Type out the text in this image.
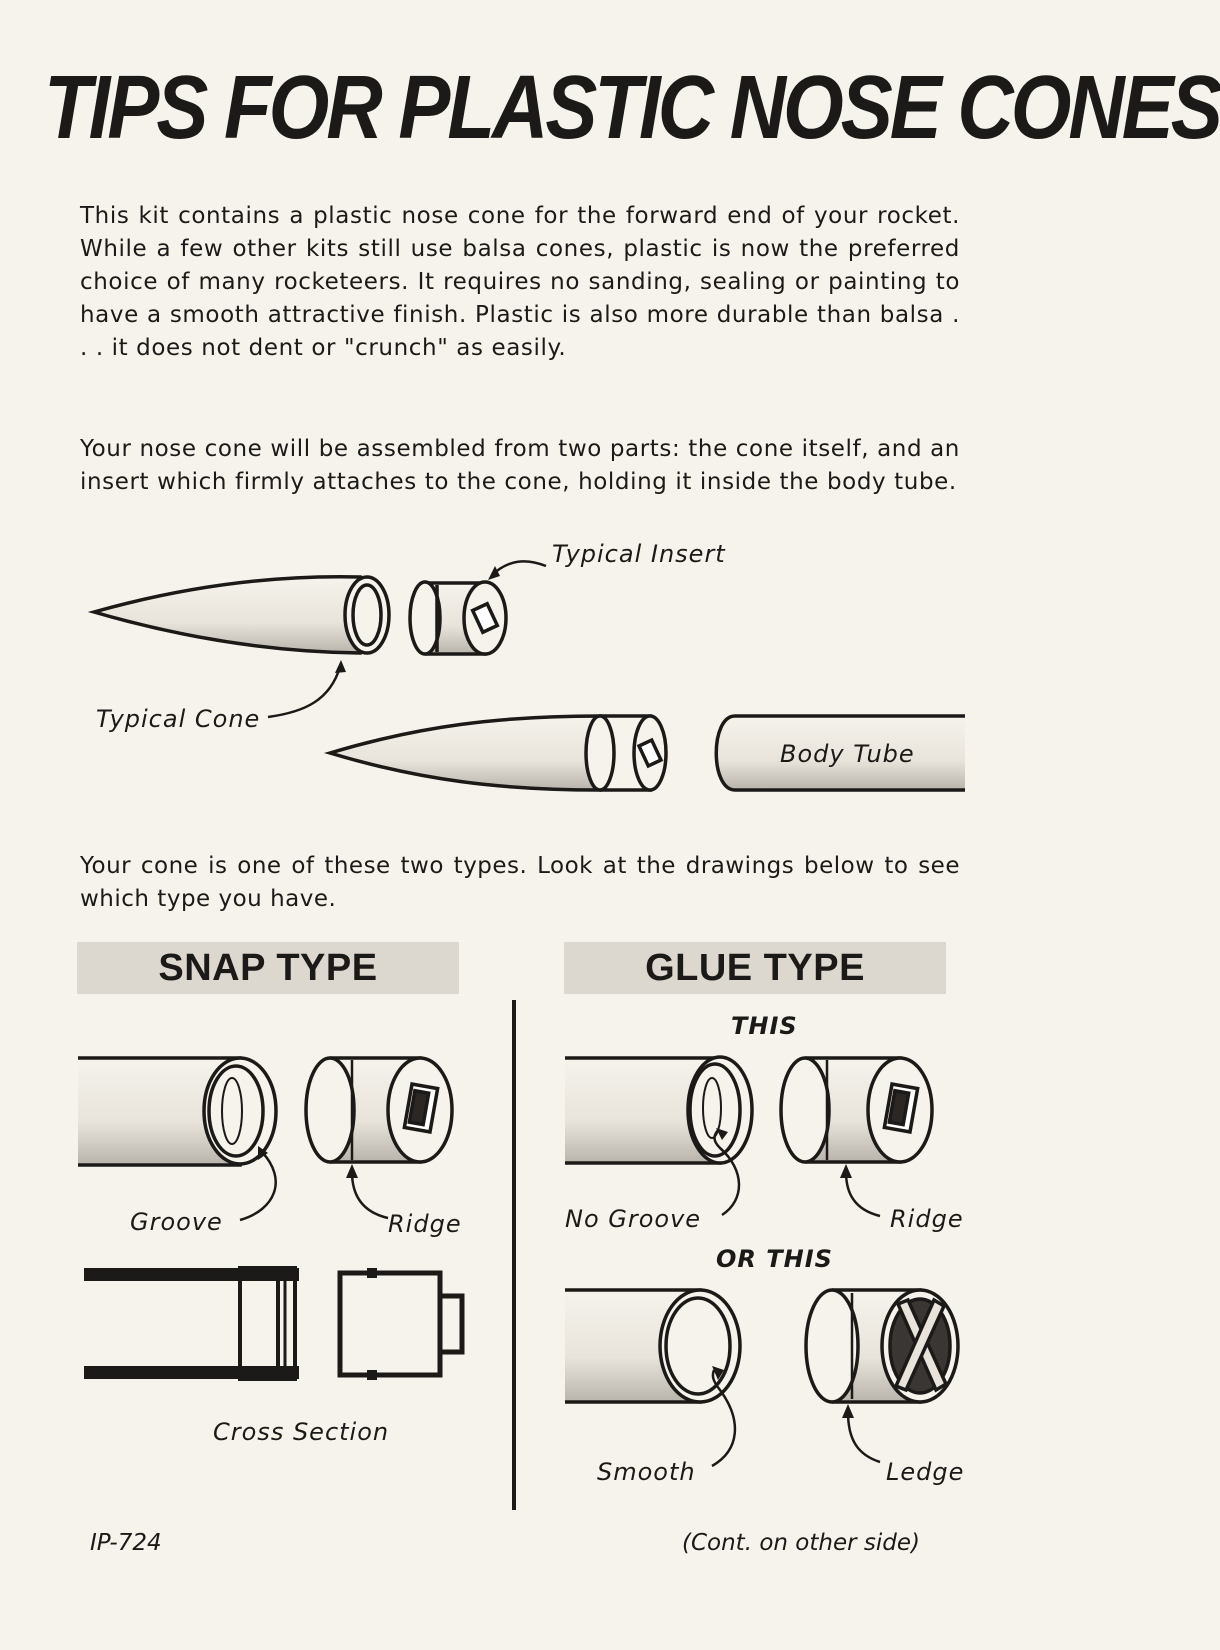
TIPS FOR PLASTIC NOSE CONES

This kit contains a plastic nose cone for the forward end of your rocket. While a few other kits still use balsa cones, plastic is now the preferred choice of many rocketeers. It requires no sanding, sealing or painting to have a smooth attractive finish. Plastic is also more durable than balsa . . . it does not dent or "crunch" as easily.

Your nose cone will be assembled from two parts: the cone itself, and an insert which firmly attaches to the cone, holding it inside the body tube.

Typical Insert
Typical Cone
Body Tube

Your cone is one of these two types. Look at the drawings below to see which type you have.

SNAP TYPE	GLUE TYPE
Groove	Ridge
Cross Section
THIS
No Groove	Ridge
OR THIS
Smooth	Ledge
IP-724	(Cont. on other side)
